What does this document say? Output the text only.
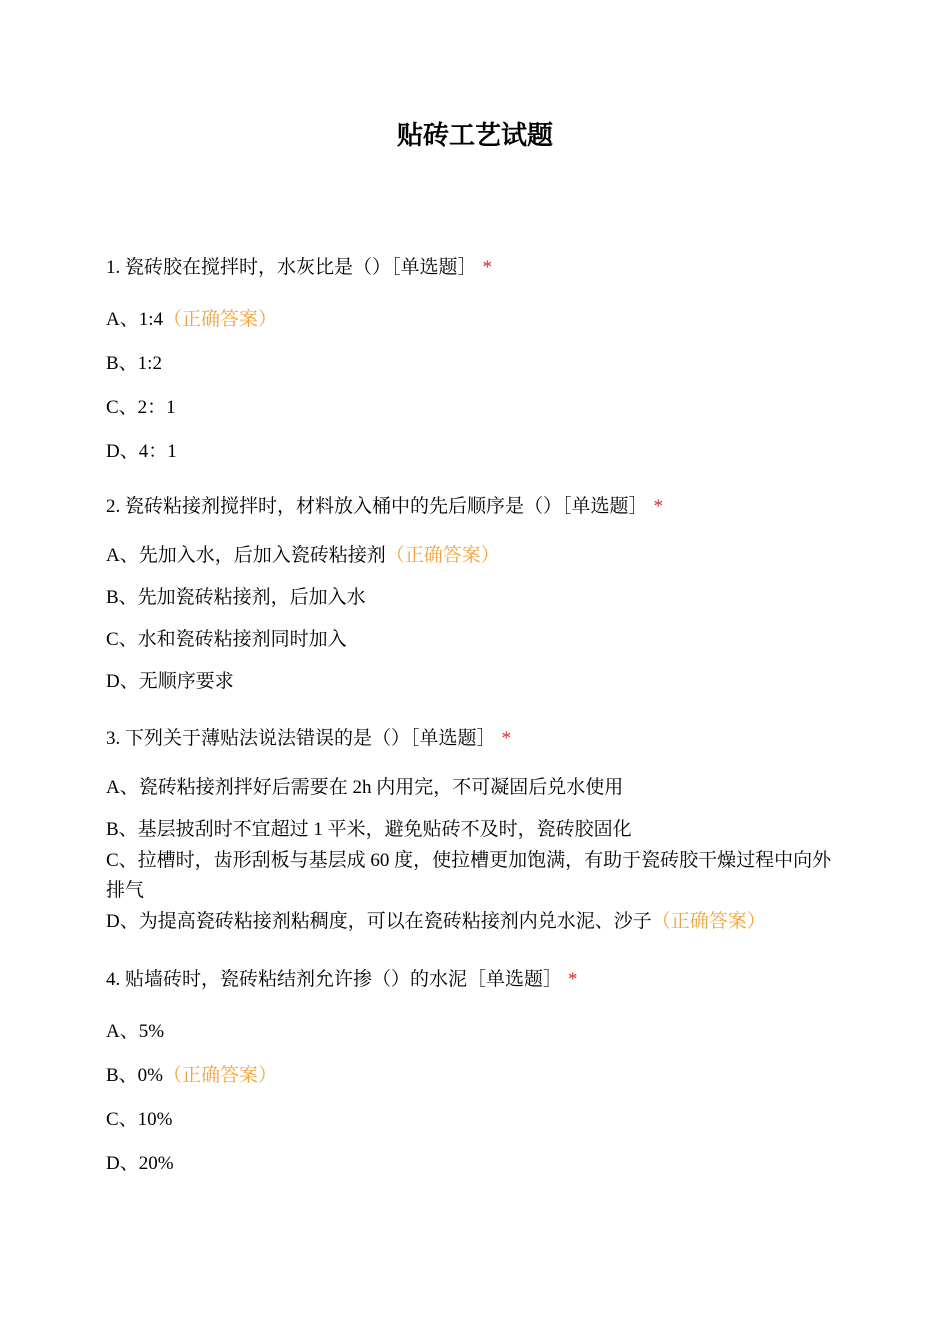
贴砖工艺试题
1. 瓷砖胶在搅拌时，水灰比是（）［单选题］ *
A、1:4（正确答案）
B、1:2
C、2：1
D、4：1
2. 瓷砖粘接剂搅拌时，材料放入桶中的先后顺序是（）［单选题］ *
A、先加入水，后加入瓷砖粘接剂（正确答案）
B、先加瓷砖粘接剂，后加入水
C、水和瓷砖粘接剂同时加入
D、无顺序要求
3. 下列关于薄贴法说法错误的是（）［单选题］ *
A、瓷砖粘接剂拌好后需要在 2h 内用完，不可凝固后兑水使用
B、基层披刮时不宜超过 1 平米，避免贴砖不及时，瓷砖胶固化
C、拉槽时，齿形刮板与基层成 60 度，使拉槽更加饱满，有助于瓷砖胶干燥过程中向外排气
D、为提高瓷砖粘接剂粘稠度，可以在瓷砖粘接剂内兑水泥、沙子（正确答案）
4. 贴墙砖时，瓷砖粘结剂允许掺（）的水泥［单选题］ *
A、5%
B、0%（正确答案）
C、10%
D、20%
